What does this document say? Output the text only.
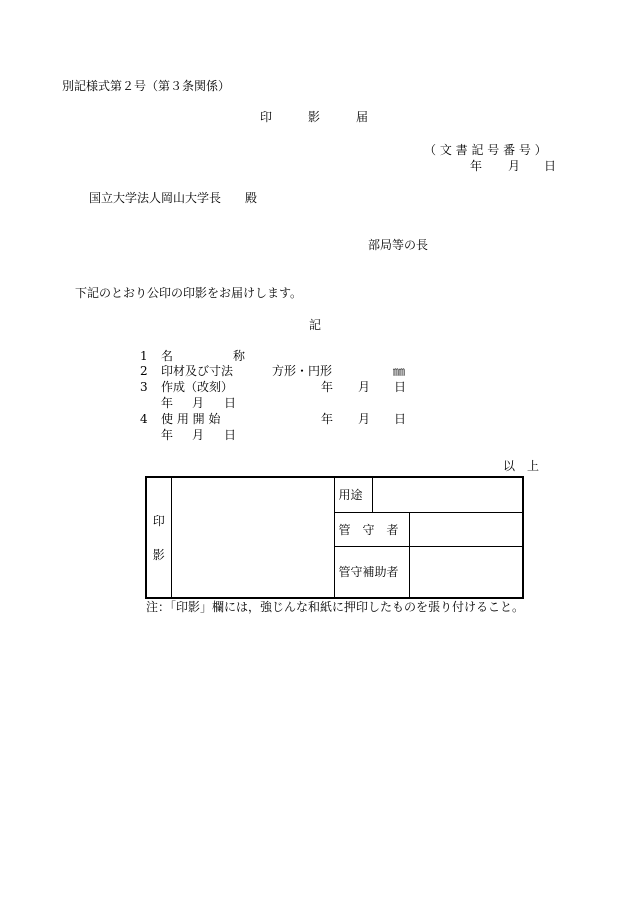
別記様式第２号（第３条関係）
印　　　影　　　届
（ 文 書 記 号 番 号 ）
年 月 日
国立大学法人岡山大学長　　殿
部局等の長
下記のとおり公印の印影をお届けします。
記
1 名　　　　　称
2 印材及び寸法	方形・円形	㎜
3 作成（改刻）	年 月 日
年 月 日
4 使 用 開 始	年 月 日
年 月 日
以　上
印
影		用途		
		管　守　者		
		管守補助者		
注：「印影」欄には，強じんな和紙に押印したものを張り付けること。
